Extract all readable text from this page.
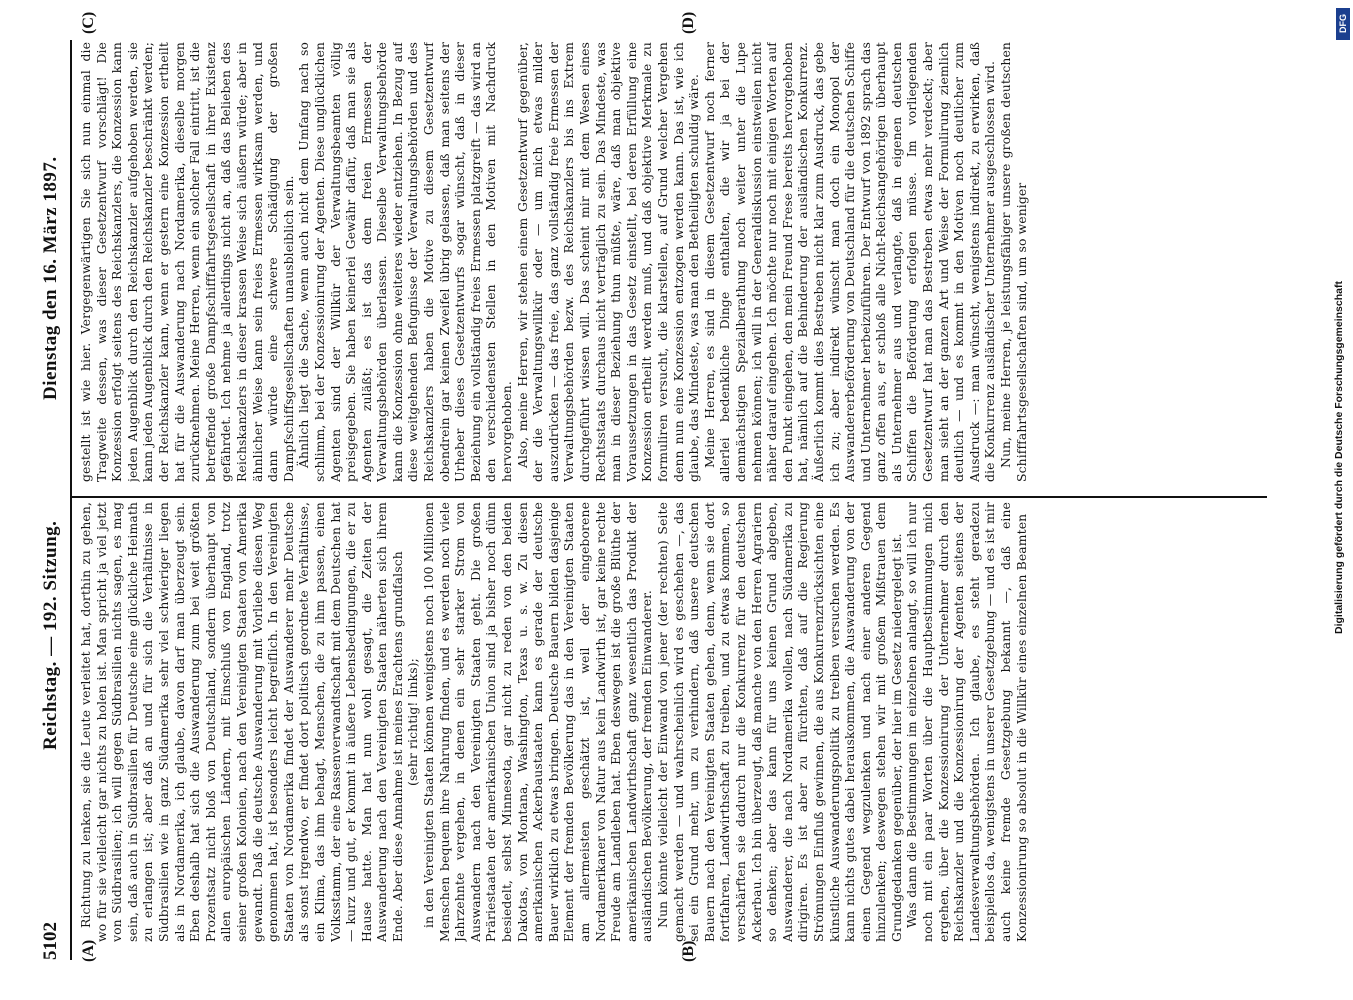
5102
Reichstag. — 192. Sitzung.
Dienstag den 16. März 1897.
(A)	(B)
(C)	(D)

Richtung zu lenken, sie die Leute verleitet hat, dorthin zu gehen, wo für sie vielleicht gar nichts zu holen ist. Man spricht ja viel jetzt von Südbrasilien; ich will gegen Südbrasilien nichts sagen, es mag sein, daß auch in Südbrasilien für Deutsche eine glückliche Heimath zu erlangen ist; aber daß an und für sich die Verhältnisse in Südbrasilien wie in ganz Südamerika sehr viel schwieriger liegen als in Nordamerika, ich glaube, davon darf man überzeugt sein. Eben deshalb hat sich die Auswanderung zum bei weit größten Prozentsatz nicht bloß von Deutschland, sondern überhaupt von allen europäischen Ländern, mit Einschluß von England, trotz seiner großen Kolonien, nach den Vereinigten Staaten von Amerika gewandt. Daß die deutsche Auswanderung mit Vorliebe diesen Weg genommen hat, ist besonders leicht begreiflich. In den Vereinigten Staaten von Nordamerika findet der Auswanderer mehr Deutsche als sonst irgendwo, er findet dort politisch geordnete Verhältnisse, ein Klima, das ihm behagt, Menschen, die zu ihm passen, einen Volksstamm, der eine Rassenverwandtschaft mit dem Deutschen hat — kurz und gut, er kommt in äußere Lebensbedingungen, die er zu Hause hatte. Man hat nun wohl gesagt, die Zeiten der Auswanderung nach den Vereinigten Staaten näherten sich ihrem Ende. Aber diese Annahme ist meines Erachtens grundfalsch (sehr richtig! links); in den Vereinigten Staaten können wenigstens noch 100 Millionen Menschen bequem ihre Nahrung finden, und es werden noch viele Jahrzehnte vergehen, in denen ein sehr starker Strom von Auswandern nach den Vereinigten Staaten geht. Die großen Präriestaaten der amerikanischen Union sind ja bisher noch dünn besiedelt, selbst Minnesota, gar nicht zu reden von den beiden Dakotas, von Montana, Washington, Texas u. s. w. Zu diesen amerikanischen Ackerbaustaaten kann es gerade der deutsche Bauer wirklich zu etwas bringen. Deutsche Bauern bilden dasjenige Element der fremden Bevölkerung das in den Vereinigten Staaten am allermeisten geschätzt ist, weil der eingeborene Nordamerikaner von Natur aus kein Landwirth ist, gar keine rechte Freude am Landleben hat. Eben deswegen ist die große Blüthe der amerikanischen Landwirthschaft ganz wesentlich das Produkt der ausländischen Bevölkerung, der fremden Einwanderer. Nun könnte vielleicht der Einwand von jener (der rechten) Seite gemacht werden — und wahrscheinlich wird es geschehen —, das sei ein Grund mehr, um zu verhindern, daß unsere deutschen Bauern nach den Vereinigten Staaten gehen, denn, wenn sie dort fortfahren, Landwirthschaft zu treiben, und zu etwas kommen, so verschärften sie dadurch nur die Konkurrenz für den deutschen Ackerbau. Ich bin überzeugt, daß manche von den Herren Agrariern so denken; aber das kann für uns keinen Grund abgeben, Auswanderer, die nach Nordamerika wollen, nach Südamerika zu dirigiren. Es ist aber zu fürchten, daß auf die Regierung Strömungen Einfluß gewinnen, die aus Konkurrenzrücksichten eine künstliche Auswanderungspolitik zu treiben versuchen werden. Es kann nichts gutes dabei herauskommen, die Auswanderung von der einen Gegend wegzulenken und nach einer anderen Gegend hinzulenken; deswegen stehen wir mit großem Mißtrauen dem Grundgedanken gegenüber, der hier im Gesetz niedergelegt ist. Was dann die Bestimmungen im einzelnen anlangt, so will ich nur noch mit ein paar Worten über die Hauptbestimmungen mich ergehen, über die Konzessionirung der Unternehmer durch den Reichskanzler und die Konzessionirung der Agenten seitens der Landesverwaltungsbehörden. Ich glaube, es steht geradezu beispiellos da, wenigstens in unserer Gesetzgebung — und es ist mir auch keine fremde Gesetzgebung bekannt —, daß eine Konzessionirung so absolut in die Willkür eines einzelnen Beamten

gestellt ist wie hier. Vergegenwärtigen Sie sich nun einmal die Tragweite dessen, was dieser Gesetzentwurf vorschlägt! Die Konzession erfolgt seitens des Reichskanzlers, die Konzession kann jeden Augenblick durch den Reichskanzler aufgehoben werden, sie kann jeden Augenblick durch den Reichskanzler beschränkt werden; der Reichskanzler kann, wenn er gestern eine Konzession ertheilt hat für die Auswanderung nach Nordamerika, dieselbe morgen zurücknehmen. Meine Herren, wenn ein solcher Fall eintritt, ist die betreffende große Dampfschifffahrtsgesellschaft in ihrer Existenz gefährdet. Ich nehme ja allerdings nicht an, daß das Belieben des Reichskanzlers in dieser krassen Weise sich äußern würde; aber in ähnlicher Weise kann sein freies Ermessen wirksam werden, und dann würde eine schwere Schädigung der großen Dampfschiffsgesellschaften unausbleiblich sein. Ähnlich liegt die Sache, wenn auch nicht dem Umfang nach so schlimm, bei der Konzessionirung der Agenten. Diese unglücklichen Agenten sind der Willkür der Verwaltungsbeamten völlig preisgegeben. Sie haben keinerlei Gewähr dafür, daß man sie als Agenten zuläßt; es ist das dem freien Ermessen der Verwaltungsbehörden überlassen. Dieselbe Verwaltungsbehörde kann die Konzession ohne weiteres wieder entziehen. In Bezug auf diese weitgehenden Befugnisse der Verwaltungsbehörden und des Reichskanzlers haben die Motive zu diesem Gesetzentwurf obendrein gar keinen Zweifel übrig gelassen, daß man seitens der Urheber dieses Gesetzentwurfs sogar wünscht, daß in dieser Beziehung ein vollständig freies Ermessen platzgreift — das wird an den verschiedensten Stellen in den Motiven mit Nachdruck hervorgehoben. Also, meine Herren, wir stehen einem Gesetzentwurf gegenüber, der die Verwaltungswillkür oder — um mich etwas milder auszudrücken — das freie, das ganz vollständig freie Ermessen der Verwaltungsbehörden bezw. des Reichskanzlers bis ins Extrem durchgeführt wissen will. Das scheint mir mit dem Wesen eines Rechtsstaats durchaus nicht verträglich zu sein. Das Mindeste, was man in dieser Beziehung thun müßte, wäre, daß man objektive Voraussetzungen in das Gesetz einstellt, bei deren Erfüllung eine Konzession ertheilt werden muß, und daß objektive Merkmale zu formuliren versucht, die klarstellen, auf Grund welcher Vergehen denn nun eine Konzession entzogen werden kann. Das ist, wie ich glaube, das Mindeste, was man den Betheiligten schuldig wäre. Meine Herren, es sind in diesem Gesetzentwurf noch ferner allerlei bedenkliche Dinge enthalten, die wir ja bei der demnächstigen Spezialberathung noch weiter unter die Lupe nehmen können; ich will in der Generaldiskussion einstweilen nicht näher darauf eingehen. Ich möchte nur noch mit einigen Worten auf den Punkt eingehen, den mein Freund Frese bereits hervorgehoben hat, nämlich auf die Behinderung der ausländischen Konkurrenz. Äußerlich kommt dies Bestreben nicht klar zum Ausdruck, das gebe ich zu; aber indirekt wünscht man doch ein Monopol der Auswandererbeförderung von Deutschland für die deutschen Schiffe und Unternehmer herbeizuführen. Der Entwurf von 1892 sprach das ganz offen aus, er schloß alle Nicht-Reichsangehörigen überhaupt als Unternehmer aus und verlangte, daß in eigenen deutschen Schiffen die Beförderung erfolgen müsse. Im vorliegenden Gesetzentwurf hat man das Bestreben etwas mehr verdeckt; aber man sieht an der ganzen Art und Weise der Formulirung ziemlich deutlich — und es kommt in den Motiven noch deutlicher zum Ausdruck —: man wünscht, wenigstens indirekt, zu erwirken, daß die Konkurrenz ausländischer Unternehmer ausgeschlossen wird. Nun, meine Herren, je leistungsfähiger unsere großen deutschen Schifffahrtsgesellschaften sind, um so weniger

DFG
Digitalisierung gefördert durch die Deutsche Forschungsgemeinschaft
